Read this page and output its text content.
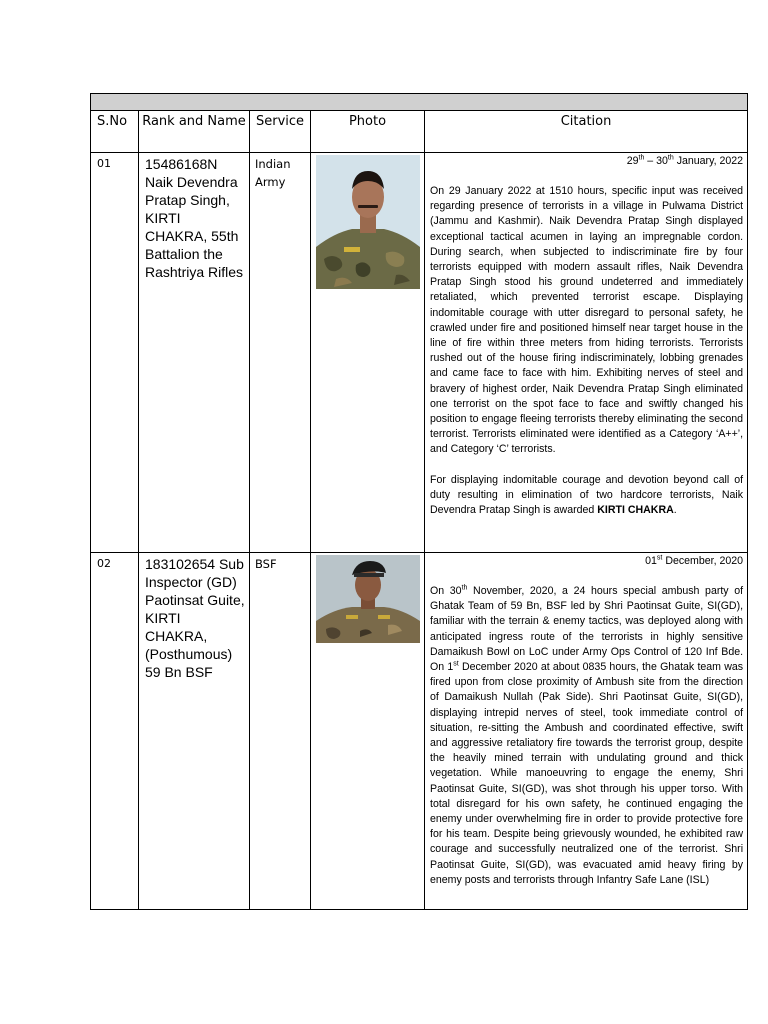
S.No	Rank and Name	Service	Photo	Citation
01	15486168N Naik Devendra Pratap Singh, KIRTI CHAKRA, 55th Battalion the Rashtriya Rifles	Indian Army		29th – 30th January, 2022

On 29 January 2022 at 1510 hours, specific input was received regarding presence of terrorists in a village in Pulwama District (Jammu and Kashmir). Naik Devendra Pratap Singh displayed exceptional tactical acumen in laying an impregnable cordon. During search, when subjected to indiscriminate fire by four terrorists equipped with modern assault rifles, Naik Devendra Pratap Singh stood his ground undeterred and immediately retaliated, which prevented terrorist escape. Displaying indomitable courage with utter disregard to personal safety, he crawled under fire and positioned himself near target house in the line of fire within three meters from hiding terrorists. Terrorists rushed out of the house firing indiscriminately, lobbing grenades and came face to face with him. Exhibiting nerves of steel and bravery of highest order, Naik Devendra Pratap Singh eliminated one terrorist on the spot face to face and swiftly changed his position to engage fleeing terrorists thereby eliminating the second terrorist. Terrorists eliminated were identified as a Category ‘A++’, and Category ‘C’ terrorists.

For displaying indomitable courage and devotion beyond call of duty resulting in elimination of two hardcore terrorists, Naik Devendra Pratap Singh is awarded KIRTI CHAKRA.

02	183102654 Sub Inspector (GD) Paotinsat Guite, KIRTI CHAKRA, (Posthumous) 59 Bn BSF	BSF		01st December, 2020

On 30th November, 2020, a 24 hours special ambush party of Ghatak Team of 59 Bn, BSF led by Shri Paotinsat Guite, SI(GD), familiar with the terrain & enemy tactics, was deployed along with anticipated ingress route of the terrorists in highly sensitive Damaikush Bowl on LoC under Army Ops Control of 120 Inf Bde. On 1st December 2020 at about 0835 hours, the Ghatak team was fired upon from close proximity of Ambush site from the direction of Damaikush Nullah (Pak Side). Shri Paotinsat Guite, SI(GD), displaying intrepid nerves of steel, took immediate control of situation, re-sitting the Ambush and coordinated effective, swift and aggressive retaliatory fire towards the terrorist group, despite the heavily mined terrain with undulating ground and thick vegetation. While manoeuvring to engage the enemy, Shri Paotinsat Guite, SI(GD), was shot through his upper torso. With total disregard for his own safety, he continued engaging the enemy under overwhelming fire in order to provide protective fore for his team. Despite being grievously wounded, he exhibited raw courage and successfully neutralized one of the terrorist. Shri Paotinsat Guite, SI(GD), was evacuated amid heavy firing by enemy posts and terrorists through Infantry Safe Lane (ISL)
